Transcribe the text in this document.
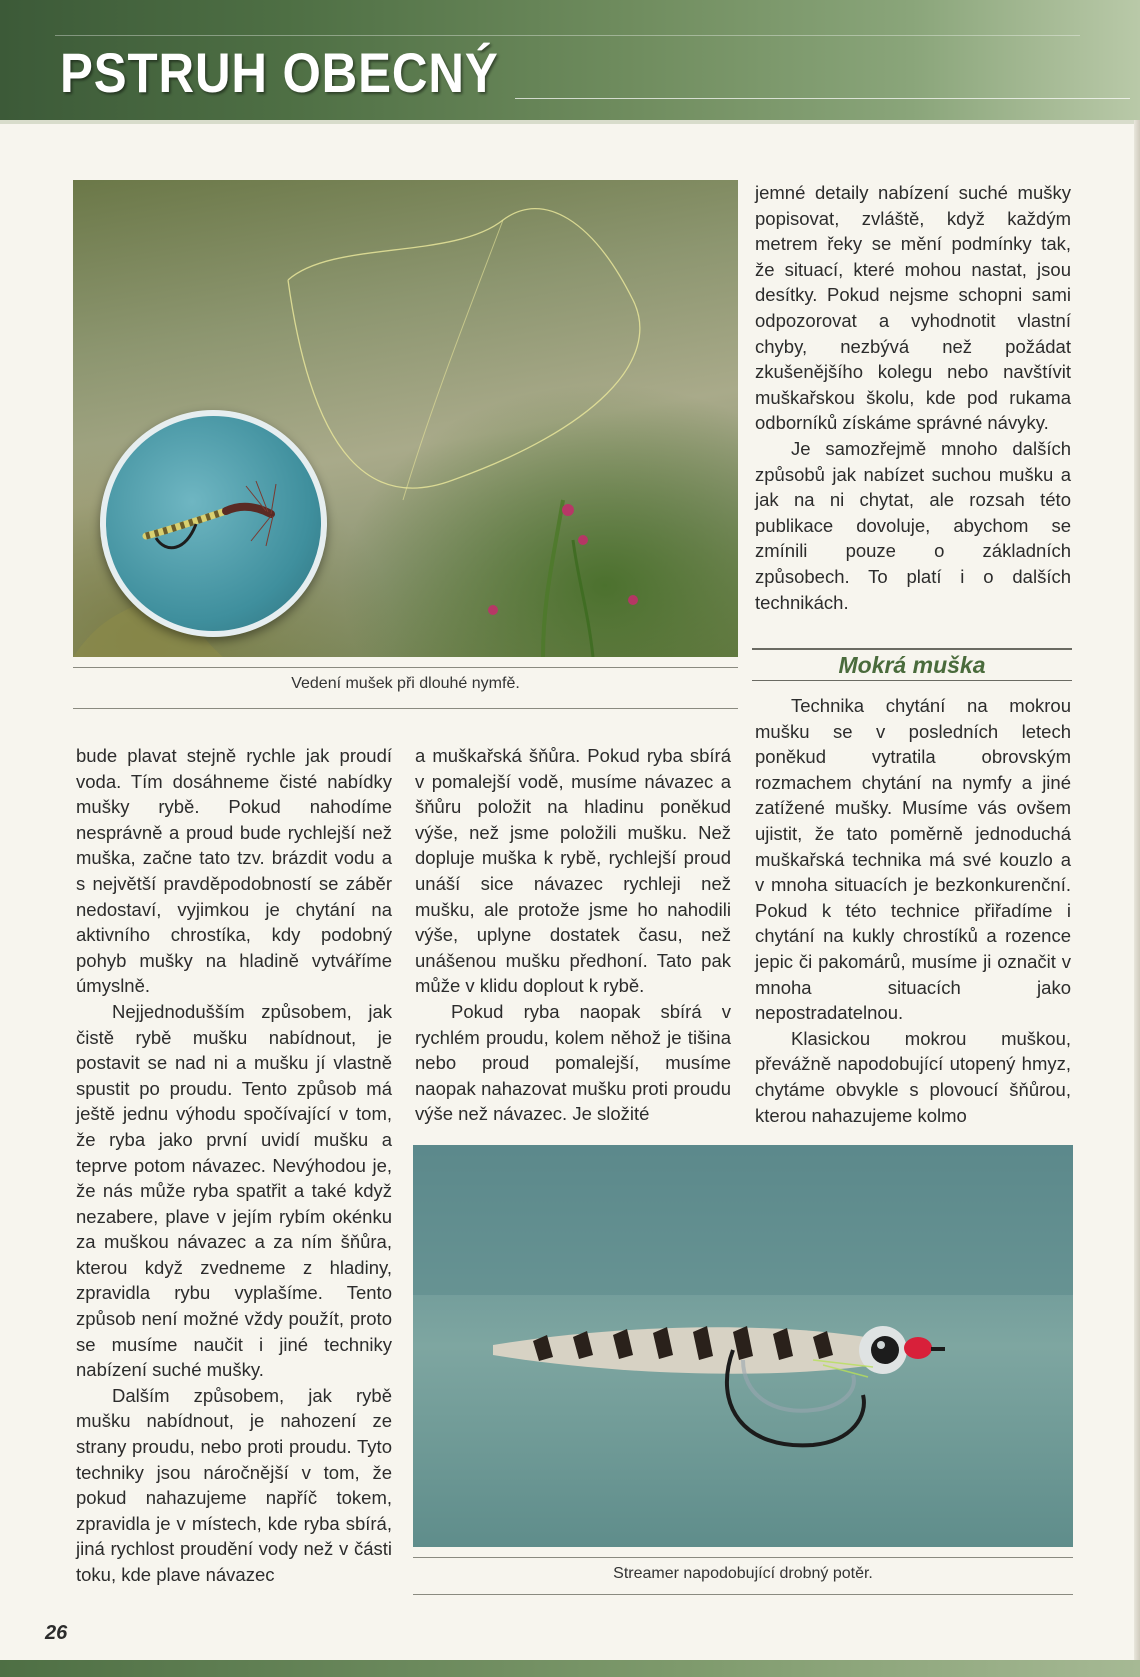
PSTRUH OBECNÝ
Vedení mušek při dlouhé nymfě.

jemné detaily nabízení suché mušky popisovat, zvláště, když každým metrem řeky se mění podmínky tak, že situací, které mohou nastat, jsou desítky. Pokud nejsme schopni sami odpozorovat a vyhodnotit vlastní chyby, nezbývá než požádat zkušenějšího kolegu nebo navštívit muškařskou školu, kde pod rukama odborníků získáme správné návyky.

Je samozřejmě mnoho dalších způsobů jak nabízet suchou mušku a jak na ni chytat, ale rozsah této publikace dovoluje, abychom se zmínili pouze o základních způsobech. To platí i o dalších technikách.

Mokrá muška

Technika chytání na mokrou mušku se v posledních letech poněkud vytratila obrovským rozmachem chytání na nymfy a jiné zatížené mušky. Musíme vás ovšem ujistit, že tato poměrně jednoduchá muškařská technika má své kouzlo a v mnoha situacích je bezkonkurenční. Pokud k této technice přiřadíme i chytání na kukly chrostíků a rozence jepic či pakomárů, musíme ji označit v mnoha situacích jako nepostradatelnou.

Klasickou mokrou muškou, převážně napodobující utopený hmyz, chytáme obvykle s plovoucí šňůrou, kterou nahazujeme kolmo

bude plavat stejně rychle jak proudí voda. Tím dosáhneme čisté nabídky mušky rybě. Pokud nahodíme nesprávně a proud bude rychlejší než muška, začne tato tzv. brázdit vodu a s největší pravděpodobností se záběr nedostaví, vyjimkou je chytání na aktivního chrostíka, kdy podobný pohyb mušky na hladině vytváříme úmyslně.

Nejjednodušším způsobem, jak čistě rybě mušku nabídnout, je postavit se nad ni a mušku jí vlastně spustit po proudu. Tento způsob má ještě jednu výhodu spočívající v tom, že ryba jako první uvidí mušku a teprve potom návazec. Nevýhodou je, že nás může ryba spatřit a také když nezabere, plave v jejím rybím okénku za muškou návazec a za ním šňůra, kterou když zvedneme z hladiny, zpravidla rybu vyplašíme. Tento způsob není možné vždy použít, proto se musíme naučit i jiné techniky nabízení suché mušky.

Dalším způsobem, jak rybě mušku nabídnout, je nahození ze strany proudu, nebo proti proudu. Tyto techniky jsou náročnější v tom, že pokud nahazujeme napříč tokem, zpravidla je v místech, kde ryba sbírá, jiná rychlost proudění vody než v části toku, kde plave návazec

a muškařská šňůra. Pokud ryba sbírá v pomalejší vodě, musíme návazec a šňůru položit na hladinu poněkud výše, než jsme položili mušku. Než dopluje muška k rybě, rychlejší proud unáší sice návazec rychleji než mušku, ale protože jsme ho nahodili výše, uplyne dostatek času, než unášenou mušku předhoní. Tato pak může v klidu doplout k rybě.

Pokud ryba naopak sbírá v rychlém proudu, kolem něhož je tišina nebo proud pomalejší, musíme naopak nahazovat mušku proti proudu výše než návazec. Je složité

Streamer napodobující drobný potěr.

26
